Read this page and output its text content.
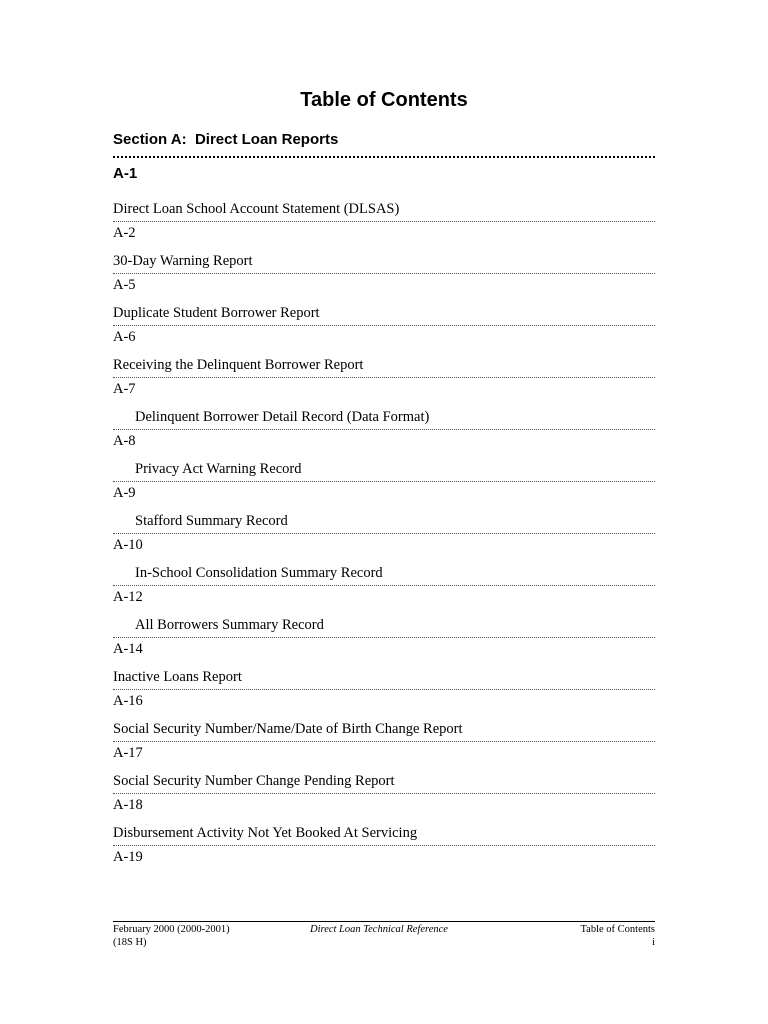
Table of Contents
Section A:  Direct Loan Reports
A-1
Direct Loan School Account Statement (DLSAS)
A-2
30-Day Warning Report
A-5
Duplicate Student Borrower Report
A-6
Receiving the Delinquent Borrower Report
A-7
Delinquent Borrower Detail Record (Data Format)
A-8
Privacy Act Warning Record
A-9
Stafford Summary Record
A-10
In-School Consolidation Summary Record
A-12
All Borrowers Summary Record
A-14
Inactive Loans Report
A-16
Social Security Number/Name/Date of Birth Change Report
A-17
Social Security Number Change Pending Report
A-18
Disbursement Activity Not Yet Booked At Servicing
A-19
February 2000 (2000-2001)
(18S H)
Direct Loan Technical Reference	Table of Contents
i
